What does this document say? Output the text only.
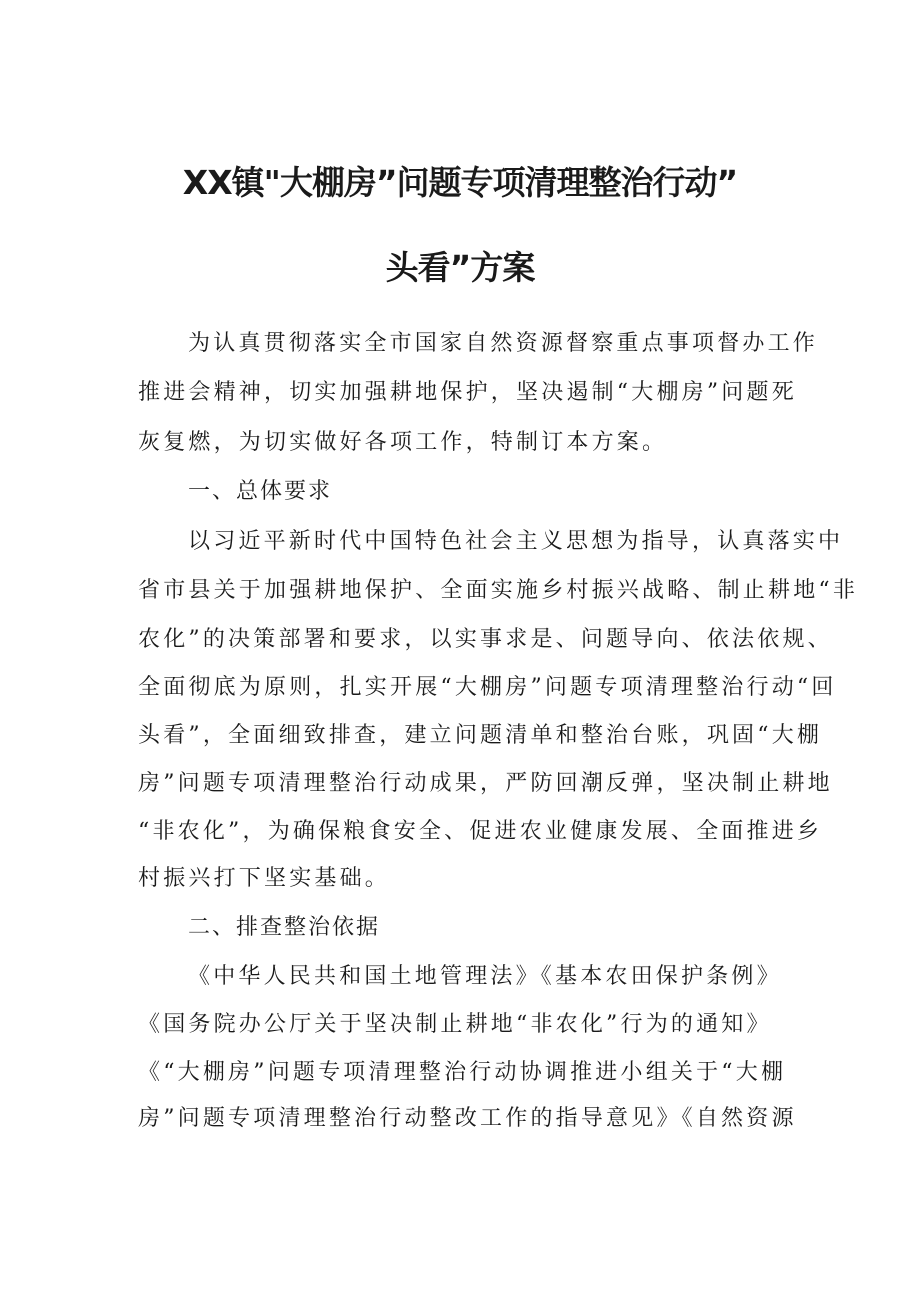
XX镇"大棚房”问题专项清理整治行动”
头看”方案
为认真贯彻落实全市国家自然资源督察重点事项督办工作
推进会精神，切实加强耕地保护，坚决遏制“大棚房”问题死
灰复燃，为切实做好各项工作，特制订本方案。
一、总体要求
以习近平新时代中国特色社会主义思想为指导，认真落实中
省市县关于加强耕地保护、全面实施乡村振兴战略、制止耕地“非
农化”的决策部署和要求，以实事求是、问题导向、依法依规、
全面彻底为原则，扎实开展“大棚房”问题专项清理整治行动“回
头看”，全面细致排查，建立问题清单和整治台账，巩固“大棚
房”问题专项清理整治行动成果，严防回潮反弹，坚决制止耕地
“非农化”，为确保粮食安全、促进农业健康发展、全面推进乡
村振兴打下坚实基础。
二、排查整治依据
《中华人民共和国土地管理法》《基本农田保护条例》
《国务院办公厅关于坚决制止耕地“非农化”行为的通知》
《“大棚房”问题专项清理整治行动协调推进小组关于“大棚
房”问题专项清理整治行动整改工作的指导意见》《自然资源
